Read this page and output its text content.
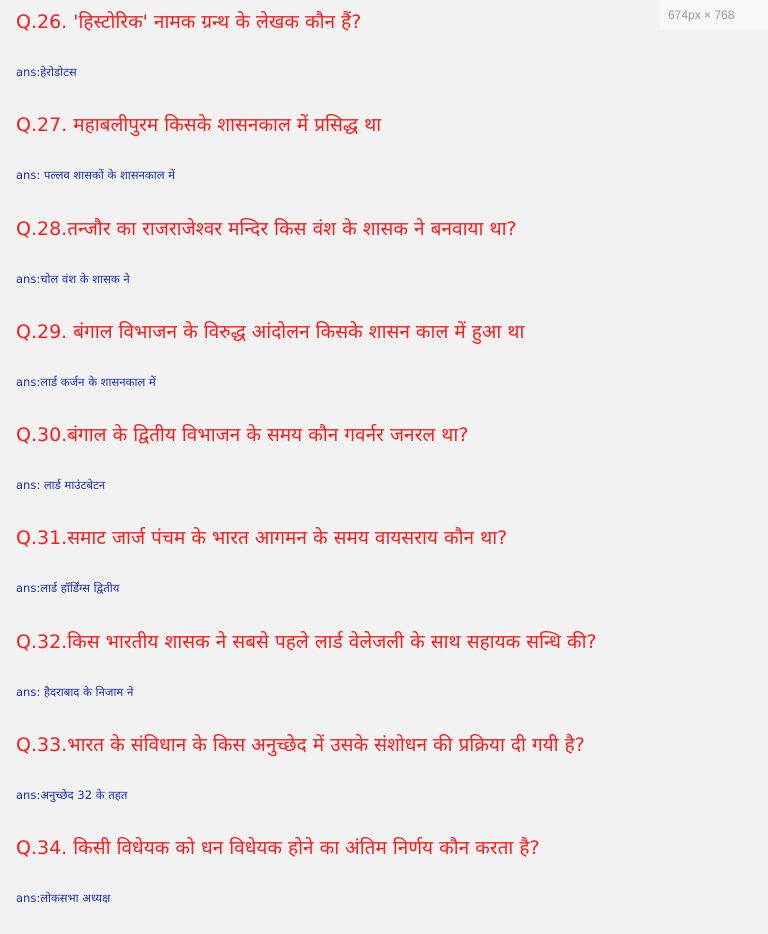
674px × 768
Q.26. 'हिस्टोरिक' नामक ग्रन्थ के लेखक कौन हैं?
ans:हेरोडोटस
Q.27. महाबलीपुरम किसके शासनकाल में प्रसिद्ध था
ans: पल्लव शासकों के शासनकाल में
Q.28.तन्जौर का राजराजेश्वर मन्दिर किस वंश के शासक ने बनवाया था?
ans:चोल वंश के शासक ने
Q.29. बंगाल विभाजन के विरुद्ध आंदोलन किसके शासन काल में हुआ था
ans:लार्ड कर्जन के शासनकाल में
Q.30.बंगाल के द्वितीय विभाजन के समय कौन गवर्नर जनरल था?
ans: लार्ड माउंटबेटन
Q.31.समाट जार्ज पंचम के भारत आगमन के समय वायसराय कौन था?
ans:लार्ड हॉर्डिंग्स द्वितीय
Q.32.किस भारतीय शासक ने सबसे पहले लार्ड वेलेजली के साथ सहायक सन्धि की?
ans: हैदराबाद के निजाम ने
Q.33.भारत के संविधान के किस अनुच्छेद में उसके संशोधन की प्रक्रिया दी गयी है?
ans:अनुच्छेद 32 के तहत
Q.34. किसी विधेयक को धन विधेयक होने का अंतिम निर्णय कौन करता है?
ans:लोकसभा अध्यक्ष
